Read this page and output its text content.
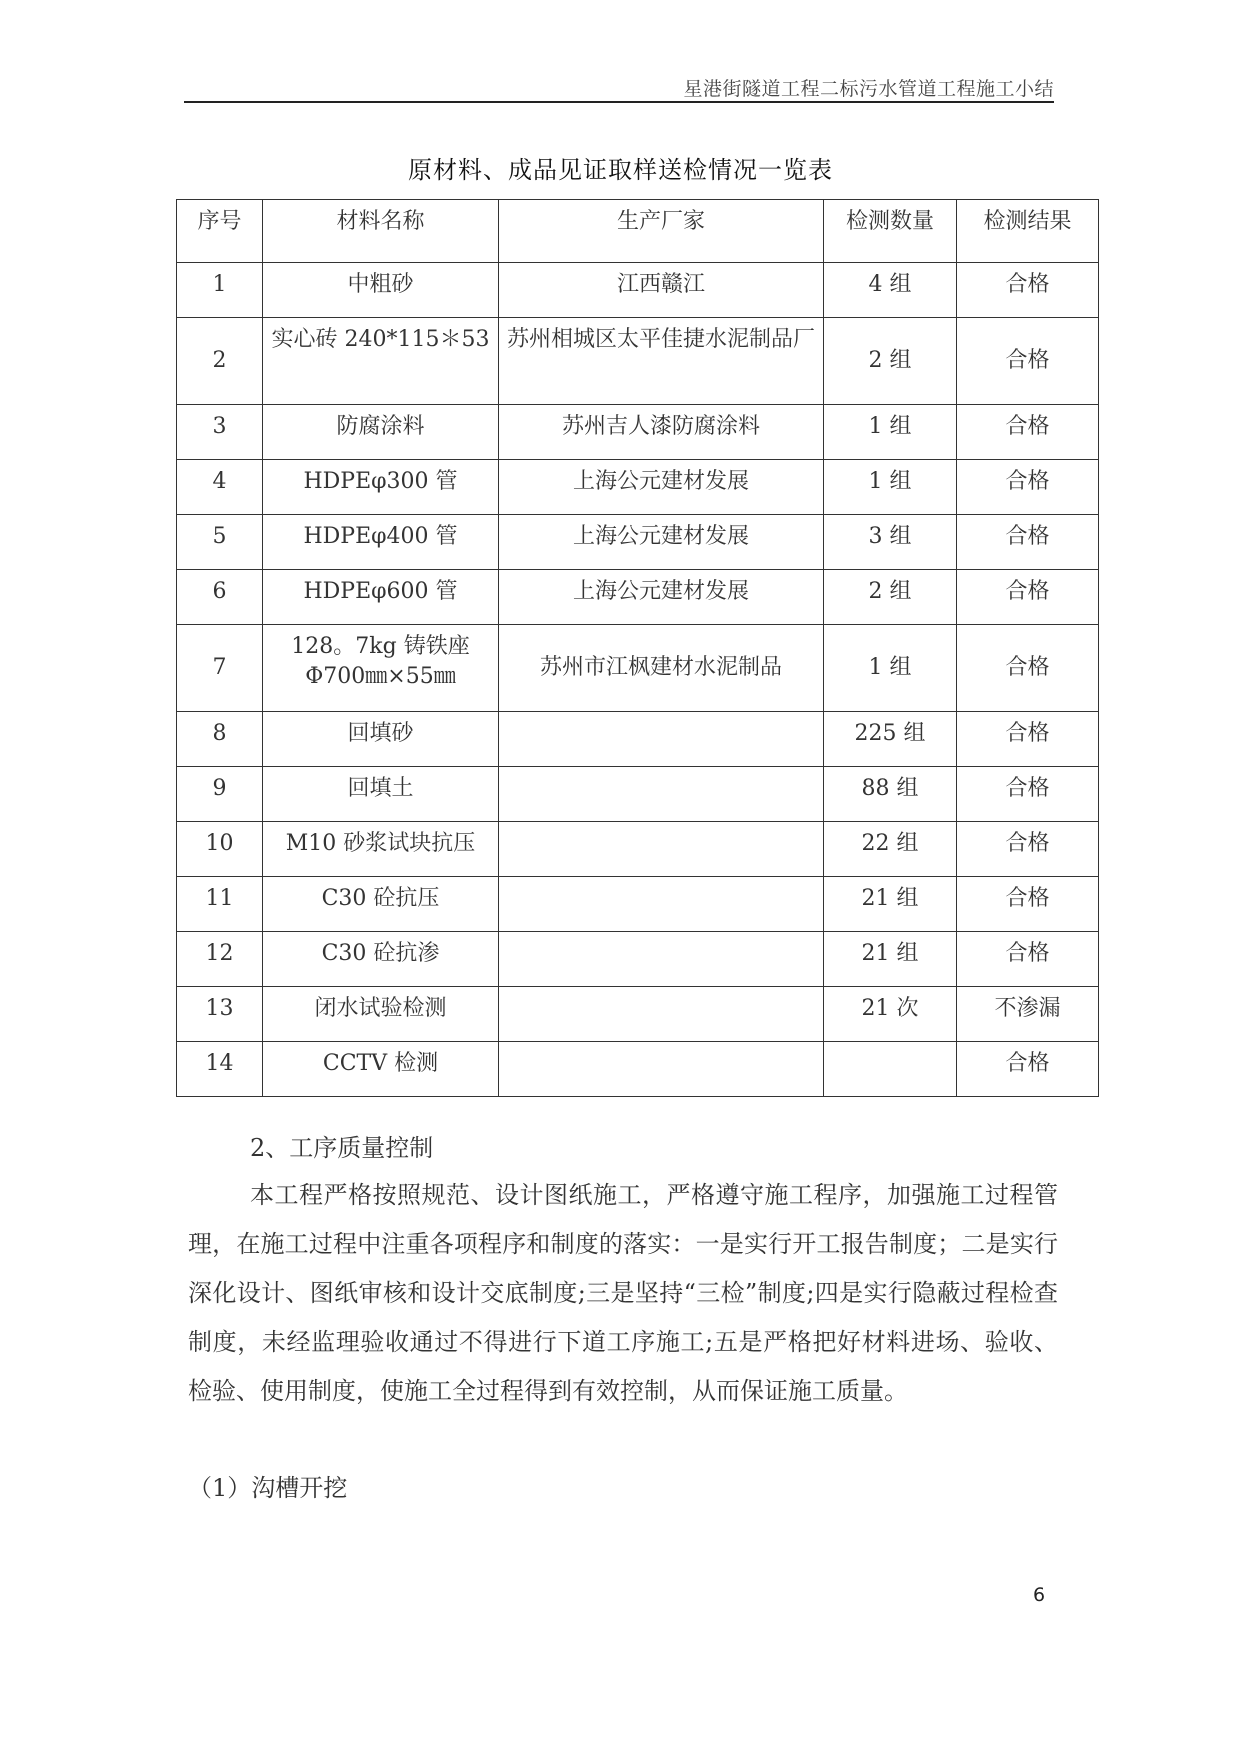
星港街隧道工程二标污水管道工程施工小结
原材料、成品见证取样送检情况一览表
序号	材料名称	生产厂家	检测数量	检测结果
1	中粗砂	江西赣江	4 组	合格
2	实心砖 240*115＊53	苏州相城区太平佳捷水泥制品厂	2 组	合格
3	防腐涂料	苏州吉人漆防腐涂料	1 组	合格
4	HDPEφ300 管	上海公元建材发展	1 组	合格
5	HDPEφ400 管	上海公元建材发展	3 组	合格
6	HDPEφ600 管	上海公元建材发展	2 组	合格
7	128。7kg 铸铁座Φ700㎜×55㎜	苏州市江枫建材水泥制品	1 组	合格
8	回填砂		225 组	合格
9	回填土		88 组	合格
10	M10 砂浆试块抗压		22 组	合格
11	C30 砼抗压		21 组	合格
12	C30 砼抗渗		21 组	合格
13	闭水试验检测		21 次	不渗漏
14	CCTV 检测			合格
2、工序质量控制
本工程严格按照规范、设计图纸施工，严格遵守施工程序，加强施工过程管理，在施工过程中注重各项程序和制度的落实：一是实行开工报告制度；二是实行深化设计、图纸审核和设计交底制度;三是坚持“三检”制度;四是实行隐蔽过程检查制度，未经监理验收通过不得进行下道工序施工;五是严格把好材料进场、验收、检验、使用制度，使施工全过程得到有效控制，从而保证施工质量。
（1）沟槽开挖
6
